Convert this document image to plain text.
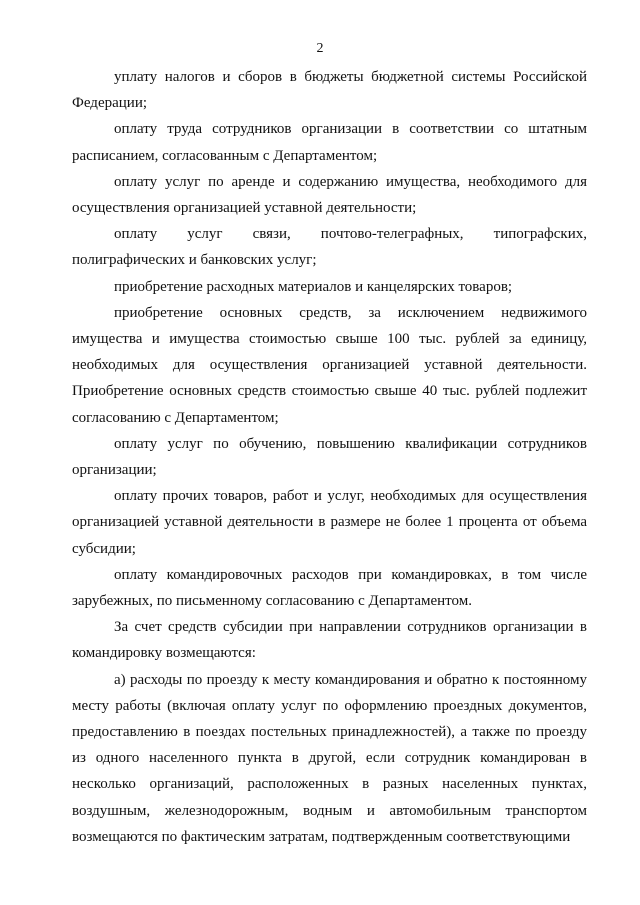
2

уплату налогов и сборов в бюджеты бюджетной системы Российской Федерации;

оплату труда сотрудников организации в соответствии со штатным расписанием, согласованным с Департаментом;

оплату услуг по аренде и содержанию имущества, необходимого для осуществления организацией уставной деятельности;

оплату услуг связи, почтово-телеграфных, типографских, полиграфических и банковских услуг;

приобретение расходных материалов и канцелярских товаров;

приобретение основных средств, за исключением недвижимого имущества и имущества стоимостью свыше 100 тыс. рублей за единицу, необходимых для осуществления организацией уставной деятельности. Приобретение основных средств стоимостью свыше 40 тыс. рублей подлежит согласованию с Департаментом;

оплату услуг по обучению, повышению квалификации сотрудников организации;

оплату прочих товаров, работ и услуг, необходимых для осуществления организацией уставной деятельности в размере не более 1 процента от объема субсидии;

оплату командировочных расходов при командировках, в том числе зарубежных, по письменному согласованию с Департаментом.

За счет средств субсидии при направлении сотрудников организации в командировку возмещаются:

а) расходы по проезду к месту командирования и обратно к постоянному месту работы (включая оплату услуг по оформлению проездных документов, предоставлению в поездах постельных принадлежностей), а также по проезду из одного населенного пункта в другой, если сотрудник командирован в несколько организаций, расположенных в разных населенных пунктах, воздушным, железнодорожным, водным и автомобильным транспортом возмещаются по фактическим затратам, подтвержденным соответствующими
